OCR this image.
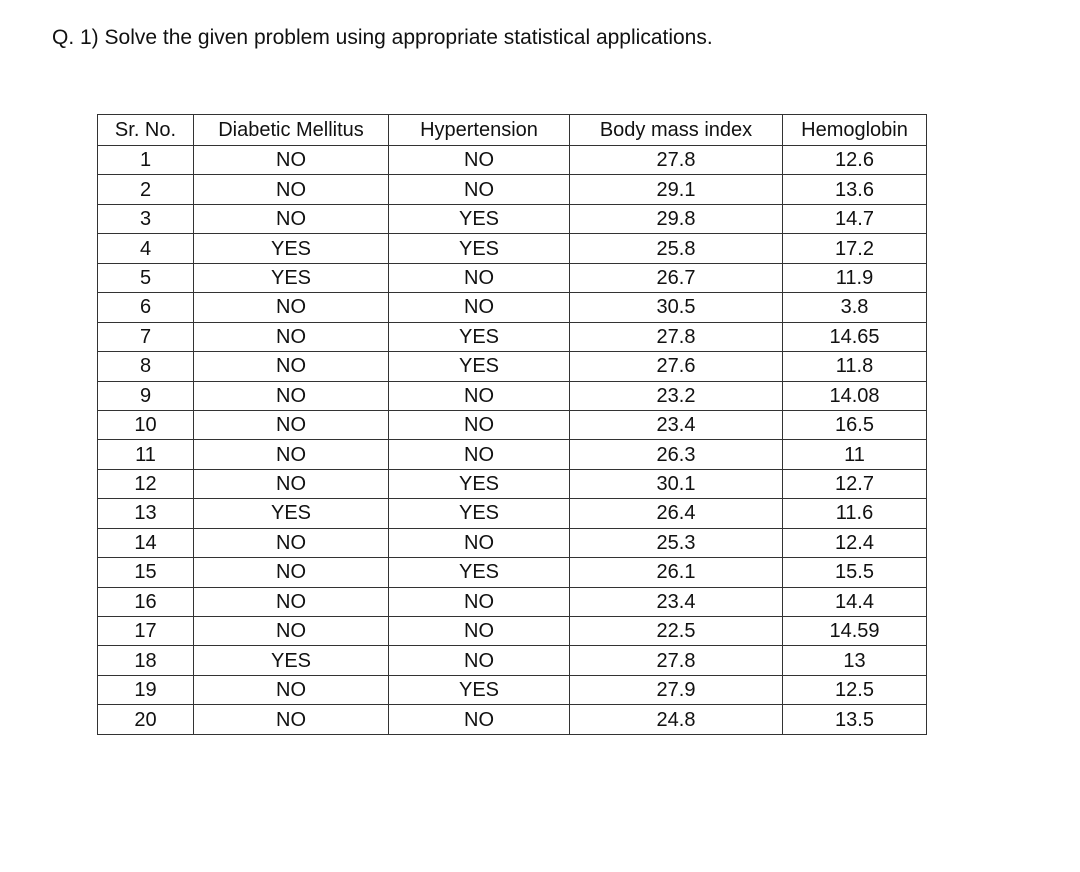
Q. 1) Solve the given problem using appropriate statistical applications.
Sr. No.	Diabetic Mellitus	Hypertension	Body mass index	Hemoglobin
1	NO	NO	27.8	12.6
2	NO	NO	29.1	13.6
3	NO	YES	29.8	14.7
4	YES	YES	25.8	17.2
5	YES	NO	26.7	11.9
6	NO	NO	30.5	3.8
7	NO	YES	27.8	14.65
8	NO	YES	27.6	11.8
9	NO	NO	23.2	14.08
10	NO	NO	23.4	16.5
11	NO	NO	26.3	11
12	NO	YES	30.1	12.7
13	YES	YES	26.4	11.6
14	NO	NO	25.3	12.4
15	NO	YES	26.1	15.5
16	NO	NO	23.4	14.4
17	NO	NO	22.5	14.59
18	YES	NO	27.8	13
19	NO	YES	27.9	12.5
20	NO	NO	24.8	13.5
